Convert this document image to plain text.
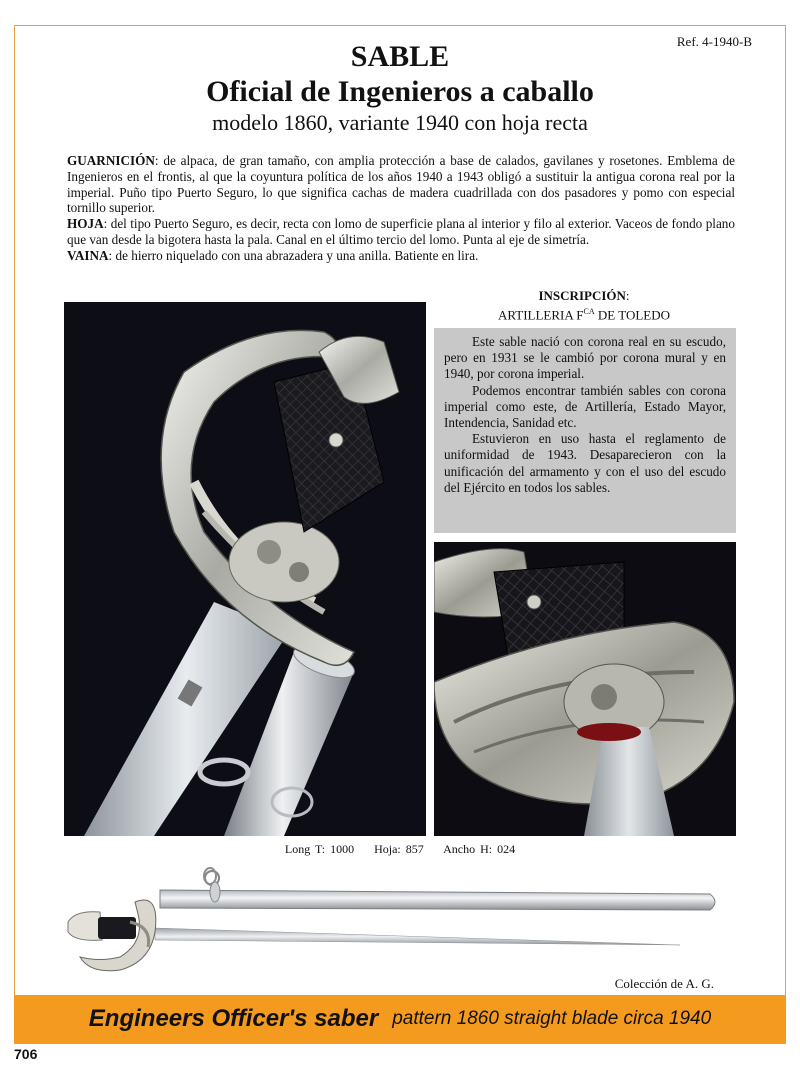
Ref. 4-1940-B
SABLE
Oficial de Ingenieros a caballo
modelo 1860, variante 1940 con hoja recta

GUARNICIÓN: de alpaca, de gran tamaño, con amplia protección a base de calados, gavilanes y rosetones. Emblema de Ingenieros en el frontis, al que la coyuntura política de los años 1940 a 1943 obligó a sustituir la antigua corona real por la imperial. Puño tipo Puerto Seguro, lo que significa cachas de madera cuadrillada con dos pasadores y pomo con especial tornillo superior.

HOJA: del tipo Puerto Seguro, es decir, recta con lomo de superficie plana al interior y filo al exterior. Vaceos de fondo plano que van desde la bigotera hasta la pala. Canal en el último tercio del lomo. Punta al eje de simetría.

VAINA: de hierro niquelado con una abrazadera y una anilla. Batiente en lira.

INSCRIPCIÓN:
ARTILLERIA $F^{CA}$ DE TOLEDO

Este sable nació con corona real en su escudo, pero en 1931 se le cambió por corona mural y en 1940, por corona imperial.

Podemos encontrar también sables con corona imperial como este, de Artillería, Estado Mayor, Intendencia, Sanidad etc.

Estuvieron en uso hasta el reglamento de uniformidad de 1943. Desaparecieron con la unificación del armamento y con el uso del escudo del Ejército en todos los sables.

Long T: 1000    Hoja: 857    Ancho H: 024
Colección de A. G.
Engineers Officer's saber pattern 1860 straight blade circa 1940
706
